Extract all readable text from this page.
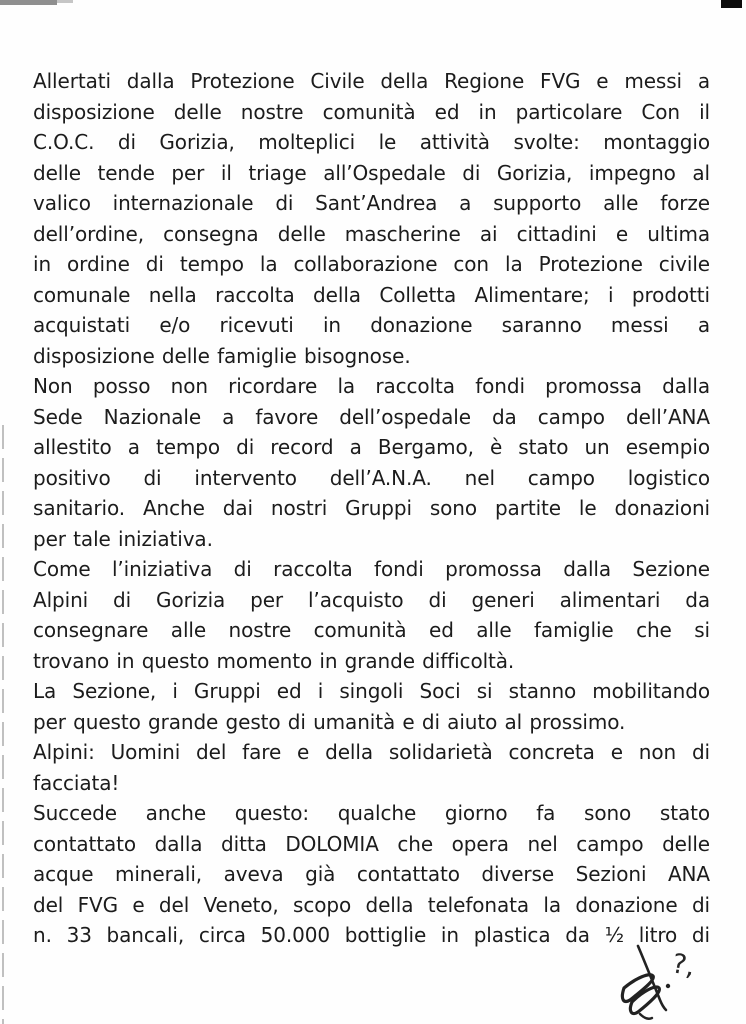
Allertati dalla Protezione Civile della Regione FVG e messi a
disposizione delle nostre comunità ed in particolare Con il
C.O.C. di Gorizia, molteplici le attività svolte: montaggio
delle tende per il triage all’Ospedale di Gorizia, impegno al
valico internazionale di Sant’Andrea a supporto alle forze
dell’ordine, consegna delle mascherine ai cittadini e ultima
in ordine di tempo la collaborazione con la Protezione civile
comunale nella raccolta della Colletta Alimentare; i prodotti
acquistati e/o ricevuti in donazione saranno messi a
disposizione delle famiglie bisognose.
Non posso non ricordare la raccolta fondi promossa dalla
Sede Nazionale a favore dell’ospedale da campo dell’ANA
allestito a tempo di record a Bergamo, è stato un esempio
positivo di intervento dell’A.N.A. nel campo logistico
sanitario. Anche dai nostri Gruppi sono partite le donazioni
per tale iniziativa.
Come l’iniziativa di raccolta fondi promossa dalla Sezione
Alpini di Gorizia per l’acquisto di generi alimentari da
consegnare alle nostre comunità ed alle famiglie che si
trovano in questo momento in grande difficoltà.
La Sezione, i Gruppi ed i singoli Soci si stanno mobilitando
per questo grande gesto di umanità e di aiuto al prossimo.
Alpini: Uomini del fare e della solidarietà concreta e non di
facciata!
Succede anche questo: qualche giorno fa sono stato
contattato dalla ditta DOLOMIA che opera nel campo delle
acque minerali, aveva già contattato diverse Sezioni ANA
del FVG e del Veneto, scopo della telefonata la donazione di
n. 33 bancali, circa 50.000 bottiglie in plastica da ½ litro di
?,
